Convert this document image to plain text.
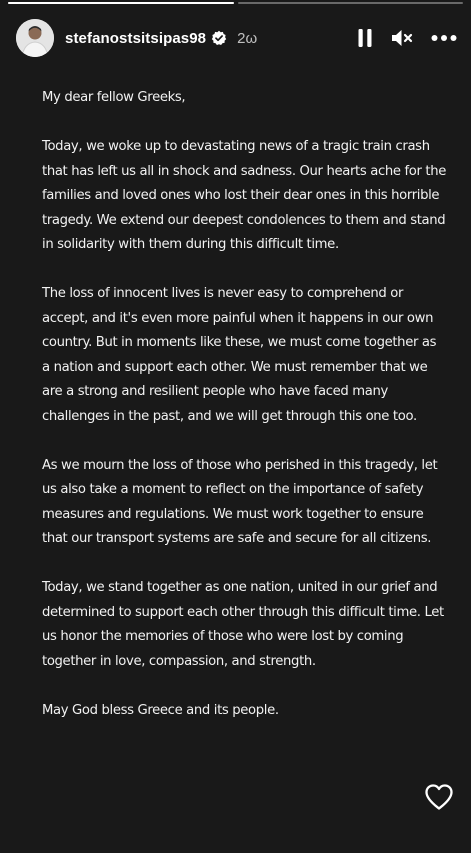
stefanostsitsipas98 2ω

My dear fellow Greeks,

Today, we woke up to devastating news of a tragic train crash that has left us all in shock and sadness. Our hearts ache for the families and loved ones who lost their dear ones in this horrible tragedy. We extend our deepest condolences to them and stand in solidarity with them during this difficult time.

The loss of innocent lives is never easy to comprehend or accept, and it's even more painful when it happens in our own country. But in moments like these, we must come together as a nation and support each other. We must remember that we are a strong and resilient people who have faced many challenges in the past, and we will get through this one too.

As we mourn the loss of those who perished in this tragedy, let us also take a moment to reflect on the importance of safety measures and regulations. We must work together to ensure that our transport systems are safe and secure for all citizens.

Today, we stand together as one nation, united in our grief and determined to support each other through this difficult time. Let us honor the memories of those who were lost by coming together in love, compassion, and strength.

May God bless Greece and its people.
